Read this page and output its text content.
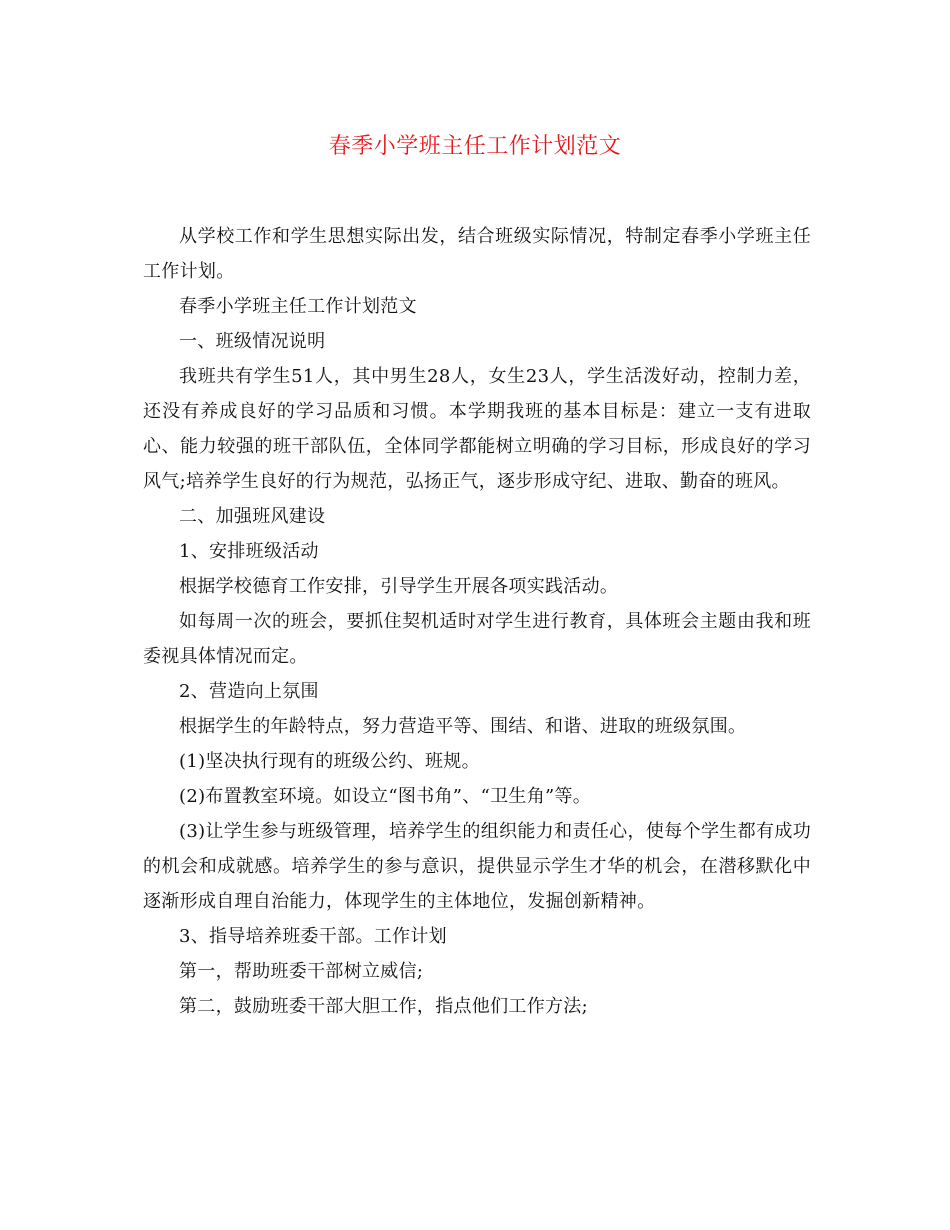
春季小学班主任工作计划范文

从学校工作和学生思想实际出发，结合班级实际情况，特制定春季小学班主任工作计划。

春季小学班主任工作计划范文

一、班级情况说明

我班共有学生51人，其中男生28人，女生23人，学生活泼好动，控制力差，还没有养成良好的学习品质和习惯。本学期我班的基本目标是：建立一支有进取心、能力较强的班干部队伍，全体同学都能树立明确的学习目标，形成良好的学习风气;培养学生良好的行为规范，弘扬正气，逐步形成守纪、进取、勤奋的班风。

二、加强班风建设

1、安排班级活动

根据学校德育工作安排，引导学生开展各项实践活动。

如每周一次的班会，要抓住契机适时对学生进行教育，具体班会主题由我和班委视具体情况而定。

2、营造向上氛围

根据学生的年龄特点，努力营造平等、围结、和谐、进取的班级氛围。

(1)坚决执行现有的班级公约、班规。

(2)布置教室环境。如设立“图书角”、“卫生角”等。

(3)让学生参与班级管理，培养学生的组织能力和责任心，使每个学生都有成功的机会和成就感。培养学生的参与意识，提供显示学生才华的机会，在潜移默化中逐渐形成自理自治能力，体现学生的主体地位，发掘创新精神。

3、指导培养班委干部。工作计划

第一，帮助班委干部树立威信;

第二，鼓励班委干部大胆工作，指点他们工作方法;
